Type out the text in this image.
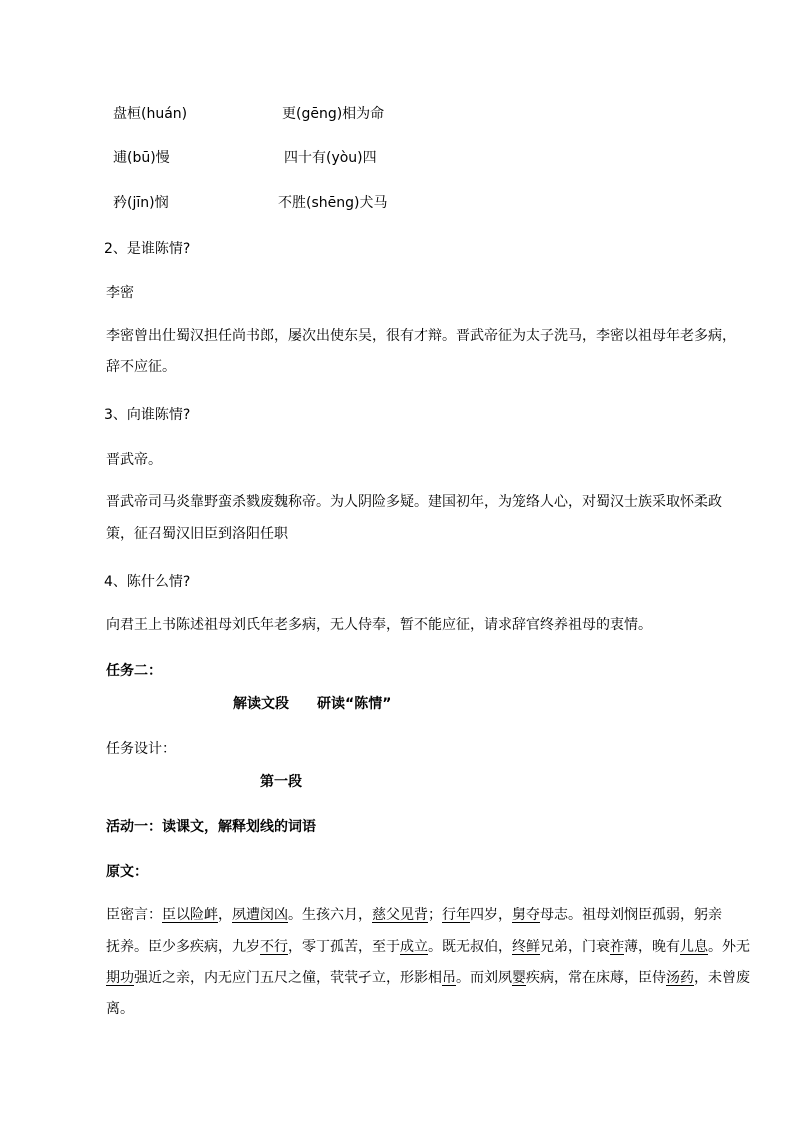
盘桓(huán)	更(gēng)相为命
逋(bū)慢	四十有(yòu)四
矜(jīn)悯	不胜(shēng)犬马
2、是谁陈情?
李密
李密曾出仕蜀汉担任尚书郎，屡次出使东吴，很有才辩。晋武帝征为太子洗马，李密以祖母年老多病，
辞不应征。
3、向谁陈情?
晋武帝。
晋武帝司马炎靠野蛮杀戮废魏称帝。为人阴险多疑。建国初年，为笼络人心，对蜀汉士族采取怀柔政
策，征召蜀汉旧臣到洛阳任职
4、陈什么情?
向君王上书陈述祖母刘氏年老多病，无人侍奉，暂不能应征，请求辞官终养祖母的衷情。
任务二：
解读文段　　研读“陈情”
任务设计：
第一段
活动一：读课文，解释划线的词语
原文：
臣密言：臣以险衅，夙遭闵凶。生孩六月，慈父见背；行年四岁，舅夺母志。祖母刘悯臣孤弱，躬亲
抚养。臣少多疾病，九岁不行，零丁孤苦，至于成立。既无叔伯，终鲜兄弟，门衰祚薄，晚有儿息。外无
期功强近之亲，内无应门五尺之僮，茕茕孑立，形影相吊。而刘夙婴疾病，常在床蓐，臣侍汤药，未曾废
离。
